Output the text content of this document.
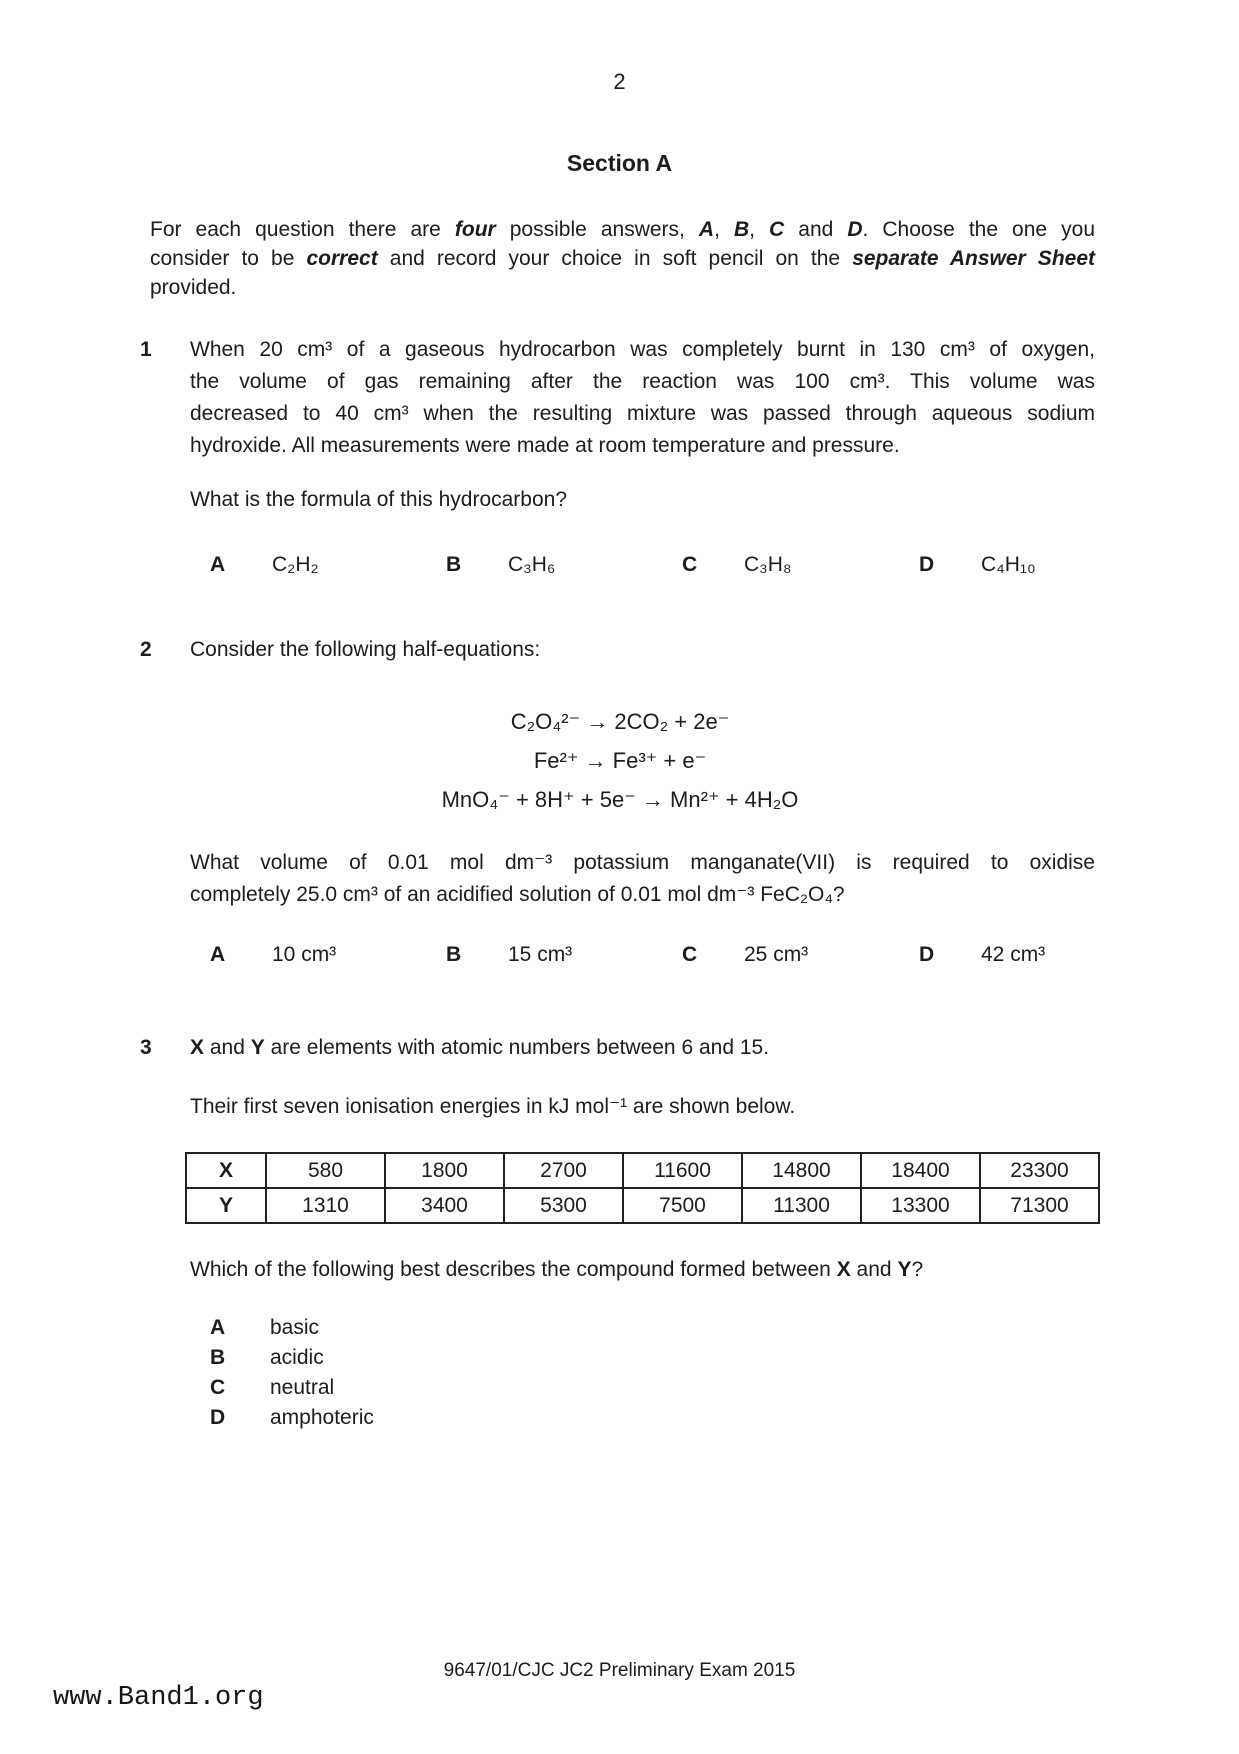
2
Section A
For each question there are four possible answers, A, B, C and D. Choose the one you
consider to be correct and record your choice in soft pencil on the separate Answer Sheet
provided.
1	When 20 cm³ of a gaseous hydrocarbon was completely burnt in 130 cm³ of oxygen,
the volume of gas remaining after the reaction was 100 cm³. This volume was
decreased to 40 cm³ when the resulting mixture was passed through aqueous sodium
hydroxide. All measurements were made at room temperature and pressure.
What is the formula of this hydrocarbon?
A C₂H₂	B C₃H₆	C C₃H₈	D C₄H₁₀
2	Consider the following half-equations:
C₂O₄²⁻ → 2CO₂ + 2e⁻
Fe²⁺ → Fe³⁺ + e⁻
MnO₄⁻ + 8H⁺ + 5e⁻ → Mn²⁺ + 4H₂O
What volume of 0.01 mol dm⁻³ potassium manganate(VII) is required to oxidise
completely 25.0 cm³ of an acidified solution of 0.01 mol dm⁻³ FeC₂O₄?
A 10 cm³	B 15 cm³	C 25 cm³	D 42 cm³
3	X and Y are elements with atomic numbers between 6 and 15.
Their first seven ionisation energies in kJ mol⁻¹ are shown below.
X	580	1800	2700	11600	14800	18400	23300
Y	1310	3400	5300	7500	11300	13300	71300
Which of the following best describes the compound formed between X and Y?
A basic
B acidic
C neutral
D amphoteric
9647/01/CJC JC2 Preliminary Exam 2015
www.Band1.org
